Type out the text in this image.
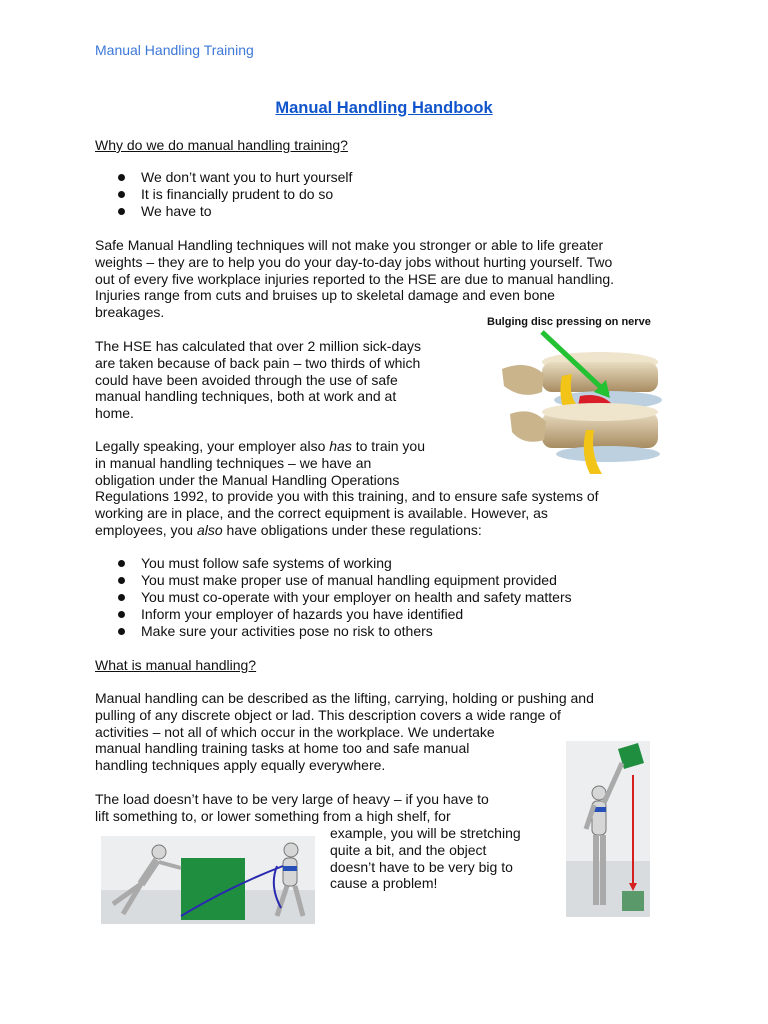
Manual Handling Training
Manual Handling Handbook
Why do we do manual handling training?
We don’t want you to hurt yourself
It is financially prudent to do so
We have to
Safe Manual Handling techniques will not make you stronger or able to life greater
weights – they are to help you do your day-to-day jobs without hurting yourself. Two
out of every five workplace injuries reported to the HSE are due to manual handling.
Injuries range from cuts and bruises up to skeletal damage and even bone
breakages.
The HSE has calculated that over 2 million sick-days
are taken because of back pain – two thirds of which
could have been avoided through the use of safe
manual handling techniques, both at work and at
home.
Legally speaking, your employer also has to train you
in manual handling techniques – we have an
obligation under the Manual Handling Operations
Regulations 1992, to provide you with this training, and to ensure safe systems of
working are in place, and the correct equipment is available. However, as
employees, you also have obligations under these regulations:
You must follow safe systems of working
You must make proper use of manual handling equipment provided
You must co-operate with your employer on health and safety matters
Inform your employer of hazards you have identified
Make sure your activities pose no risk to others
What is manual handling?
Manual handling can be described as the lifting, carrying, holding or pushing and
pulling of any discrete object or lad. This description covers a wide range of
activities – not all of which occur in the workplace. We undertake
manual handling training tasks at home too and safe manual
handling techniques apply equally everywhere.
The load doesn’t have to be very large of heavy – if you have to
lift something to, or lower something from a high shelf, for
example, you will be stretching
quite a bit, and the object
doesn’t have to be very big to
cause a problem!
Bulging disc pressing on nerve
